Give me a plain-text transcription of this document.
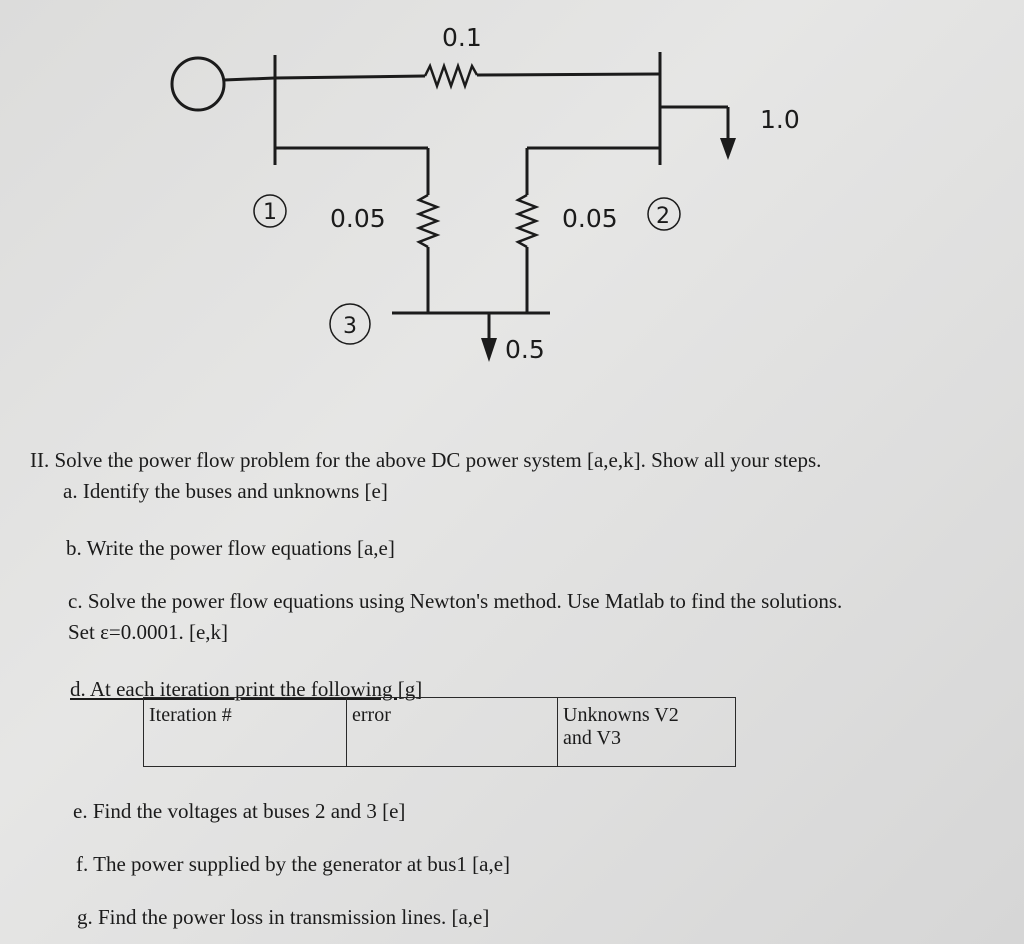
0.1
1.0
1 0.05	0.05 2
3
0.5
II. Solve the power flow problem for the above DC power system [a,e,k]. Show all your steps.
a. Identify the buses and unknowns [e]
b. Write the power flow equations [a,e]
c. Solve the power flow equations using Newton's method. Use Matlab to find the solutions.
Set ε=0.0001. [e,k]
d. At each iteration print the following [g]
Iteration #	error	Unknowns V2
and V3
e. Find the voltages at buses 2 and 3 [e]
f. The power supplied by the generator at bus1 [a,e]
g. Find the power loss in transmission lines. [a,e]
